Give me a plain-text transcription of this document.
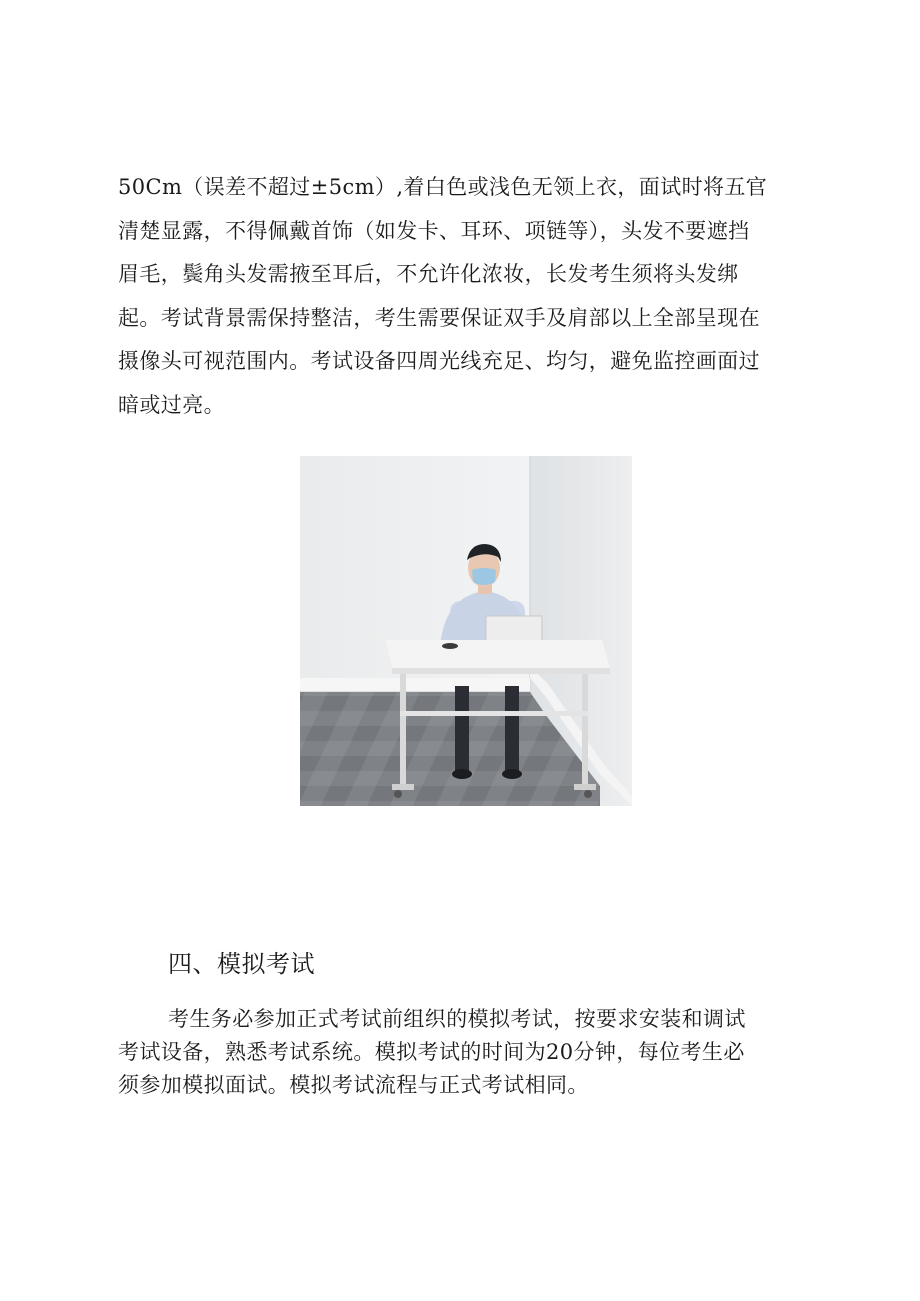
50Cm（误差不超过±5cm）,着白色或浅色无领上衣，面试时将五官
清楚显露，不得佩戴首饰（如发卡、耳环、项链等），头发不要遮挡
眉毛，鬓角头发需掖至耳后，不允许化浓妆，长发考生须将头发绑
起。考试背景需保持整洁，考生需要保证双手及肩部以上全部呈现在
摄像头可视范围内。考试设备四周光线充足、均匀，避免监控画面过
暗或过亮。

四、模拟考试

考生务必参加正式考试前组织的模拟考试，按要求安装和调试
考试设备，熟悉考试系统。模拟考试的时间为20分钟，每位考生必
须参加模拟面试。模拟考试流程与正式考试相同。
